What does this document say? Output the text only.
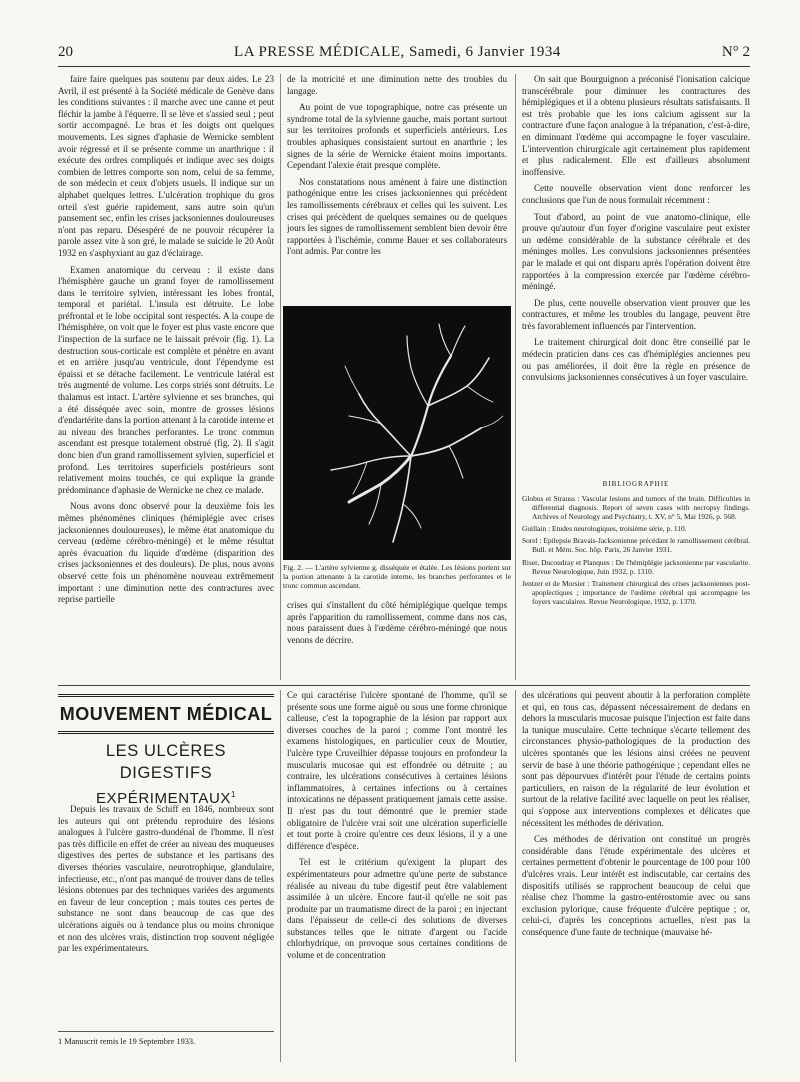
20	LA PRESSE MÉDICALE, Samedi, 6 Janvier 1934	N° 2

faire faire quelques pas soutenu par deux aides. Le 23 Avril, il est présenté à la Société médicale de Genève dans les conditions suivantes : il marche avec une canne et peut fléchir la jambe à l'équerre. Il se lève et s'assied seul ; peut sortir accompagné. Le bras et les doigts ont quelques mouvements. Les signes d'aphasie de Wernicke semblent avoir régressé et il se présente comme un anarthrique : il exécute des ordres compliqués et indique avec ses doigts combien de lettres comporte son nom, celui de sa femme, de son médecin et ceux d'objets usuels. Il indique sur un alphabet quelques lettres. L'ulcération trophique du gros orteil s'est guérie rapidement, sans autre soin qu'un pansement sec, enfin les crises jacksoniennes douloureuses n'ont pas reparu. Désespéré de ne pouvoir récupérer la parole assez vite à son gré, le malade se suicide le 20 Août 1932 en s'asphyxiant au gaz d'éclairage.

Examen anatomique du cerveau : il existe dans l'hémisphère gauche un grand foyer de ramollissement dans le territoire sylvien, intéressant les lobes frontal, temporal et pariétal. L'insula est détruite. Le lobe préfrontal et le lobe occipital sont respectés. A la coupe de l'hémisphère, on voit que le foyer est plus vaste encore que l'inspection de la surface ne le laissait prévoir (fig. 1). La destruction sous-corticale est complète et pénètre en avant et en arrière jusqu'au ventricule, dont l'épendyme est épaissi et se détache facilement. Le ventricule latéral est très augmenté de volume. Les corps striés sont détruits. Le thalamus est intact. L'artère sylvienne et ses branches, qui a été disséquée avec soin, montre de grosses lésions d'endartérite dans la portion attenant à la carotide interne et au niveau des branches perforantes. Le tronc commun ascendant est presque totalement obstrué (fig. 2). Il s'agit donc bien d'un grand ramollissement sylvien, superficiel et profond. Les territoires superficiels postérieurs sont relativement moins touchés, ce qui explique la grande prédominance d'aphasie de Wernicke ne chez ce malade.

Nous avons donc observé pour la deuxième fois les mêmes phénomènes cliniques (hémiplégie avec crises jacksoniennes douloureuses), le même état anatomique du cerveau (œdème cérébro-méningé) et le même résultat après évacuation du liquide d'œdème (disparition des crises jacksoniennes et des douleurs). De plus, nous avons observé cette fois un phénomène nouveau extrêmement important : une diminution nette des contractures avec reprise partielle

de la motricité et une diminution nette des troubles du langage.

Au point de vue topographique, notre cas présente un syndrome total de la sylvienne gauche, mais portant surtout sur les territoires profonds et superficiels antérieurs. Les troubles aphasiques consistaient surtout en anarthrie ; les signes de la série de Wernicke étaient moins importants. Cependant l'alexie était presque complète.

Nos constatations nous amènent à faire une distinction pathogénique entre les crises jacksoniennes qui précèdent les ramollissements cérébraux et celles qui les suivent. Les crises qui précèdent de quelques semaines ou de quelques jours les signes de ramollissement semblent bien devoir être rapportées à l'ischémie, comme Bauer et ses collaborateurs l'ont admis. Par contre les

Fig. 2. — L'artère sylvienne g. disséquée et étalée. Les lésions portent sur la portion attenante à la carotide interne, les branches perforantes et le tronc commun ascendant.

crises qui s'installent du côté hémiplégique quelque temps après l'apparition du ramollissement, comme dans nos cas, nous paraissent dues à l'œdème cérébro-méningé que nous venons de décrire.

On sait que Bourguignon a préconisé l'ionisation calcique transcérébrale pour diminuer les contractures des hémiplégiques et il a obtenu plusieurs résultats satisfaisants. Il est très probable que les ions calcium agissent sur la contracture d'une façon analogue à la trépanation, c'est-à-dire, en diminuant l'œdème qui accompagne le foyer vasculaire. L'intervention chirurgicale agit certainement plus rapidement et plus radicalement. Elle est d'ailleurs absolument inoffensive.

Cette nouvelle observation vient donc renforcer les conclusions que l'un de nous formulait récemment :

Tout d'abord, au point de vue anatomo-clinique, elle prouve qu'autour d'un foyer d'origine vasculaire peut exister un œdème considérable de la substance cérébrale et des méninges molles. Les convulsions jacksoniennes présentées par le malade et qui ont disparu après l'opération doivent être rapportées à la compression exercée par l'œdème cérébro-méningé.

De plus, cette nouvelle observation vient prouver que les contractures, et même les troubles du langage, peuvent être très favorablement influencés par l'intervention.

Le traitement chirurgical doit donc être conseillé par le médecin praticien dans ces cas d'hémiplégies anciennes peu ou pas améliorées, il doit être la règle en présence de convulsions jacksoniennes consécutives à un foyer vasculaire.

BIBLIOGRAPHIE
Globus et Strauss : Vascular lesions and tumors of the brain. Difficulties in differential diagnosis. Report of seven cases with necropsy findings. Archives of Neurology and Psychiatry, t. XV, n° 5, Mai 1926, p. 568.
Guillain : Etudes neurologiques, troisième série, p. 110.
Sorel : Epilepsie Bravais-Jacksonienne précédant le ramollissement cérébral. Bull. et Mém. Soc. hôp. Paris, 26 Janvier 1931.
Riser, Ducoudray et Planques : De l'hémiplégie jacksonienne par vascularite. Revue Neurologique, Juin 1932, p. 1310.
Jentzer et de Morsier : Traitement chirurgical des crises jacksoniennes post-apoplectiques ; importance de l'œdème cérébral qui accompagne les foyers vasculaires. Revue Neurologique, 1932, p. 1370.
MOUVEMENT MÉDICAL
LES ULCÈRES DIGESTIFS
EXPÉRIMENTAUX$^1$

Depuis les travaux de Schiff en 1846, nombreux sont les auteurs qui ont prétendu reproduire des lésions analogues à l'ulcère gastro-duodénal de l'homme. Il n'est pas très difficile en effet de créer au niveau des muqueuses digestives des pertes de substance et les partisans des diverses théories vasculaire, neurotrophique, glandulaire, infectieuse, etc., n'ont pas manqué de trouver dans de telles lésions obtenues par des techniques variées des arguments en faveur de leur conception ; mais toutes ces pertes de substance ne sont dans beaucoup de cas que des ulcérations aiguës ou à tendance plus ou moins chronique et non des ulcères vrais, distinction trop souvent négligée par les expérimentateurs.

1 Manuscrit remis le 19 Septembre 1933.

Ce qui caractérise l'ulcère spontané de l'homme, qu'il se présente sous une forme aiguë ou sous une forme chronique calleuse, c'est la topographie de la lésion par rapport aux diverses couches de la paroi ; comme l'ont montré les examens histologiques, en particulier ceux de Moutier, l'ulcère type Cruveilhier dépasse toujours en profondeur la muscularis mucosae qui est effondrée ou détruite ; au contraire, les ulcérations consécutives à certaines lésions inflammatoires, à certaines infections ou à certaines intoxications ne dépassent pratiquement jamais cette assise. Il n'est pas du tout démontré que le premier stade obligatoire de l'ulcère vrai soit une ulcération superficielle et tout porte à croire qu'entre ces deux lésions, il y a une différence d'espèce.

Tel est le critérium qu'exigent la plupart des expérimentateurs pour admettre qu'une perte de substance réalisée au niveau du tube digestif peut être valablement assimilée à un ulcère. Encore faut-il qu'elle ne soit pas produite par un traumatisme direct de la paroi ; en injectant dans l'épaisseur de celle-ci des solutions de diverses substances telles que le nitrate d'argent ou l'acide chlorhydrique, on provoque sous certaines conditions de volume et de concentration

des ulcérations qui peuvent aboutir à la perforation complète et qui, en tous cas, dépassent nécessairement de dedans en dehors la muscularis mucosae puisque l'injection est faite dans la tunique musculaire. Cette technique s'écarte tellement des circonstances physio-pathologiques de la production des ulcères spontanés que les lésions ainsi créées ne peuvent servir de base à une théorie pathogénique ; cependant elles ne sont pas dépourvues d'intérêt pour l'étude de certains points particuliers, en raison de la régularité de leur évolution et surtout de la relative facilité avec laquelle on peut les réaliser, qui s'oppose aux interventions complexes et délicates que nécessitent les méthodes de dérivation.

Ces méthodes de dérivation ont constitué un progrès considérable dans l'étude expérimentale des ulcères et certaines permettent d'obtenir le pourcentage de 100 pour 100 d'ulcères vrais. Leur intérêt est indiscutable, car certains des dispositifs utilisés se rapprochent beaucoup de celui que réalise chez l'homme la gastro-entérostomie avec ou sans exclusion pylorique, cause fréquente d'ulcère peptique ; or, celui-ci, d'après les conceptions actuelles, n'est pas la conséquence d'une faute de technique (mauvaise hé-
